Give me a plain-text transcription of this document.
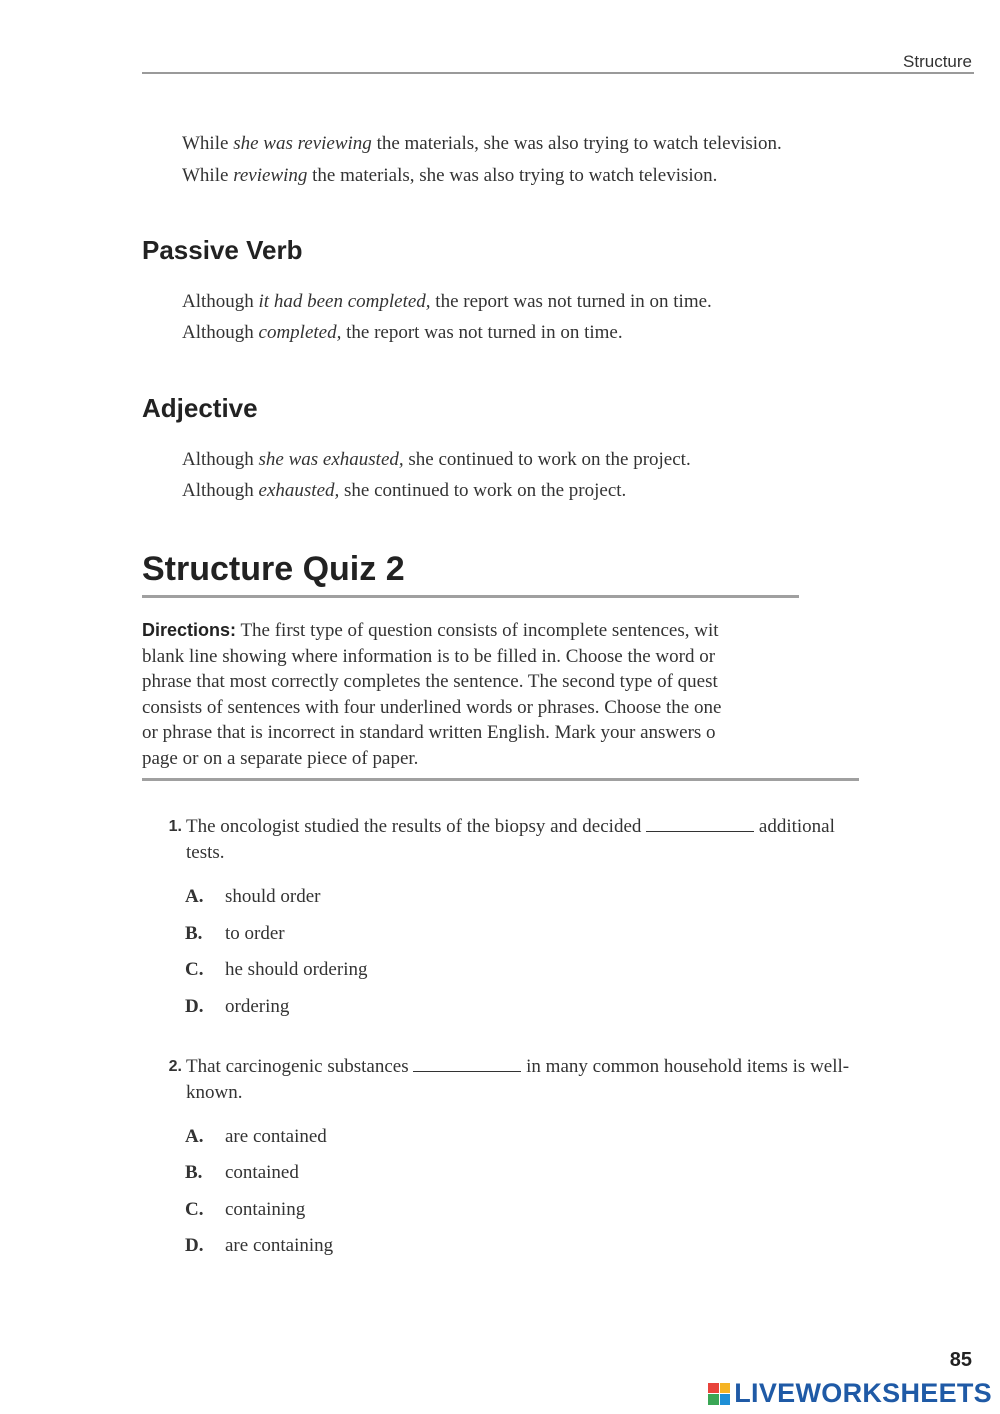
Structure
While she was reviewing the materials, she was also trying to watch television.
While reviewing the materials, she was also trying to watch television.
Passive Verb
Although it had been completed, the report was not turned in on time.
Although completed, the report was not turned in on time.
Adjective
Although she was exhausted, she continued to work on the project.
Although exhausted, she continued to work on the project.
Structure Quiz 2
Directions: The first type of question consists of incomplete sentences, wit
blank line showing where information is to be filled in. Choose the word or
phrase that most correctly completes the sentence. The second type of quest
consists of sentences with four underlined words or phrases. Choose the one
or phrase that is incorrect in standard written English. Mark your answers o
page or on a separate piece of paper.
1. The oncologist studied the results of the biopsy and decided	additional tests.
A. should order
B. to order
C. he should ordering
D. ordering
2. That carcinogenic substances	in many common household items is well-known.
A. are contained
B. contained
C. containing
D. are containing
85
LIVEWORKSHEETS
